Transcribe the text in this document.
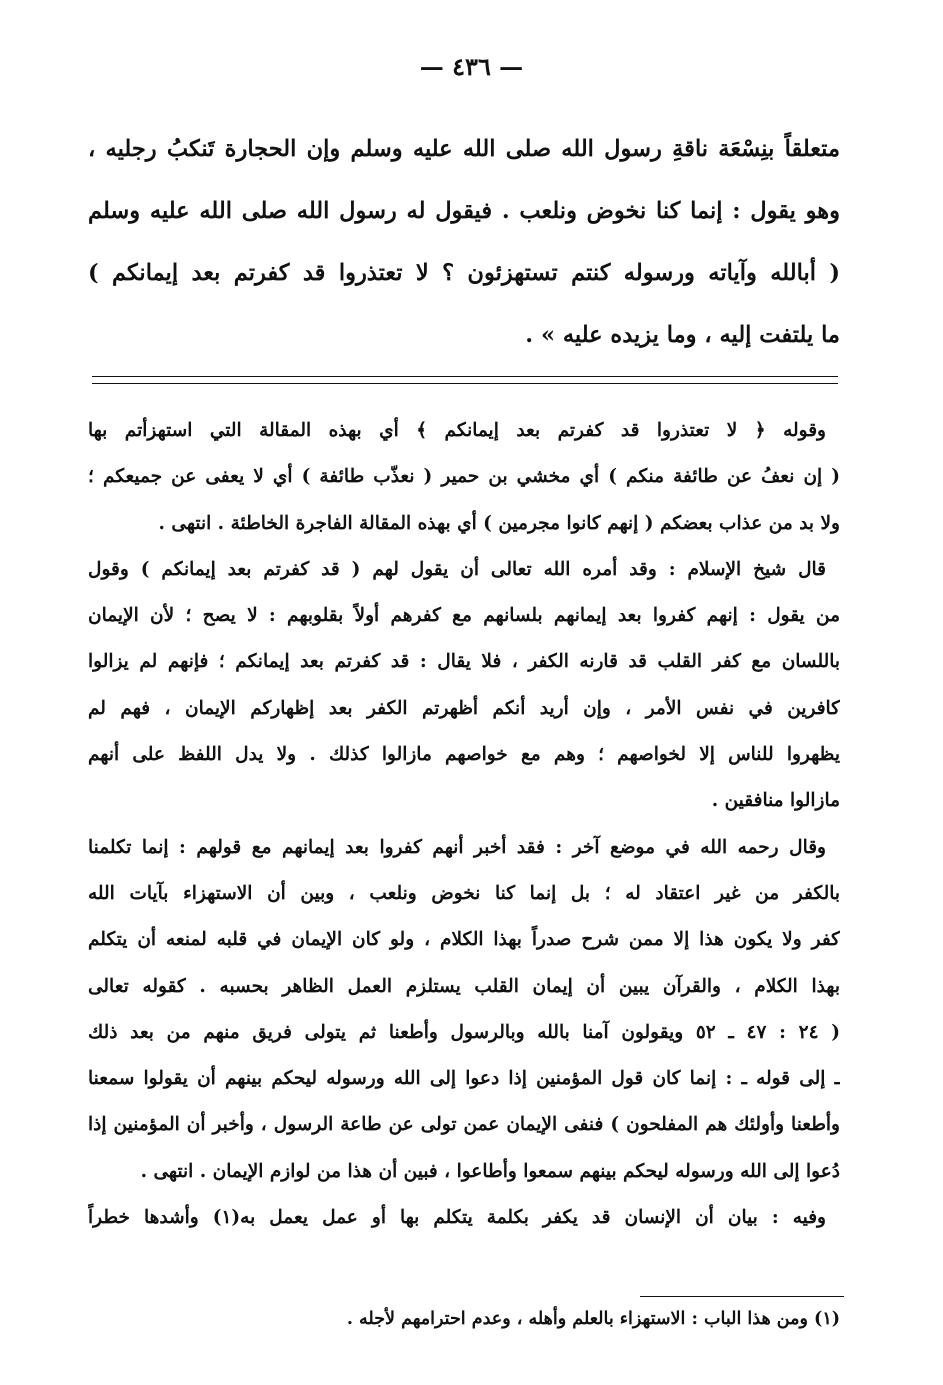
— ٤٣٦ —
متعلقاً بنِسْعَة ناقةِ رسول الله صلى الله عليه وسلم وإن الحجارة تَنكبُ رجليه ،
وهو يقول : إنما كنا نخوض ونلعب . فيقول له رسول الله صلى الله عليه وسلم
( أبالله وآياته ورسوله كنتم تستهزئون ؟ لا تعتذروا قد كفرتم بعد إيمانكم )
ما يلتفت إليه ، وما يزيده عليه » .
وقوله ﴿ لا تعتذروا قد كفرتم بعد إيمانكم ﴾ أي بهذه المقالة التي استهزأتم بها
( إن نعفُ عن طائفة منكم ) أي مخشي بن حمير ( نعذّب طائفة ) أي لا يعفى عن جميعكم ؛
ولا بد من عذاب بعضكم ( إنهم كانوا مجرمين ) أي بهذه المقالة الفاجرة الخاطئة . انتهى .
قال شيخ الإسلام : وقد أمره الله تعالى أن يقول لهم ( قد كفرتم بعد إيمانكم ) وقول
من يقول : إنهم كفروا بعد إيمانهم بلسانهم مع كفرهم أولاً بقلوبهم : لا يصح ؛ لأن الإيمان
باللسان مع كفر القلب قد قارنه الكفر ، فلا يقال : قد كفرتم بعد إيمانكم ؛ فإنهم لم يزالوا
كافرين في نفس الأمر ، وإن أريد أنكم أظهرتم الكفر بعد إظهاركم الإيمان ، فهم لم
يظهروا للناس إلا لخواصهم ؛ وهم مع خواصهم مازالوا كذلك . ولا يدل اللفظ على أنهم
مازالوا منافقين .
وقال رحمه الله في موضع آخر : فقد أخبر أنهم كفروا بعد إيمانهم مع قولهم : إنما تكلمنا
بالكفر من غير اعتقاد له ؛ بل إنما كنا نخوض ونلعب ، وبين أن الاستهزاء بآيات الله
كفر ولا يكون هذا إلا ممن شرح صدراً بهذا الكلام ، ولو كان الإيمان في قلبه لمنعه أن يتكلم
بهذا الكلام ، والقرآن يبين أن إيمان القلب يستلزم العمل الظاهر بحسبه . كقوله تعالى
( ٢٤ : ٤٧ ـ ٥٢ ويقولون آمنا بالله وبالرسول وأطعنا ثم يتولى فريق منهم من بعد ذلك
ـ إلى قوله ـ : إنما كان قول المؤمنين إذا دعوا إلى الله ورسوله ليحكم بينهم أن يقولوا سمعنا
وأطعنا وأولئك هم المفلحون ) فنفى الإيمان عمن تولى عن طاعة الرسول ، وأخبر أن المؤمنين إذا
دُعوا إلى الله ورسوله ليحكم بينهم سمعوا وأطاعوا ، فبين أن هذا من لوازم الإيمان . انتهى .
وفيه : بيان أن الإنسان قد يكفر بكلمة يتكلم بها أو عمل يعمل به(١) وأشدها خطراً
(١) ومن هذا الباب : الاستهزاء بالعلم وأهله ، وعدم احترامهم لأجله .
